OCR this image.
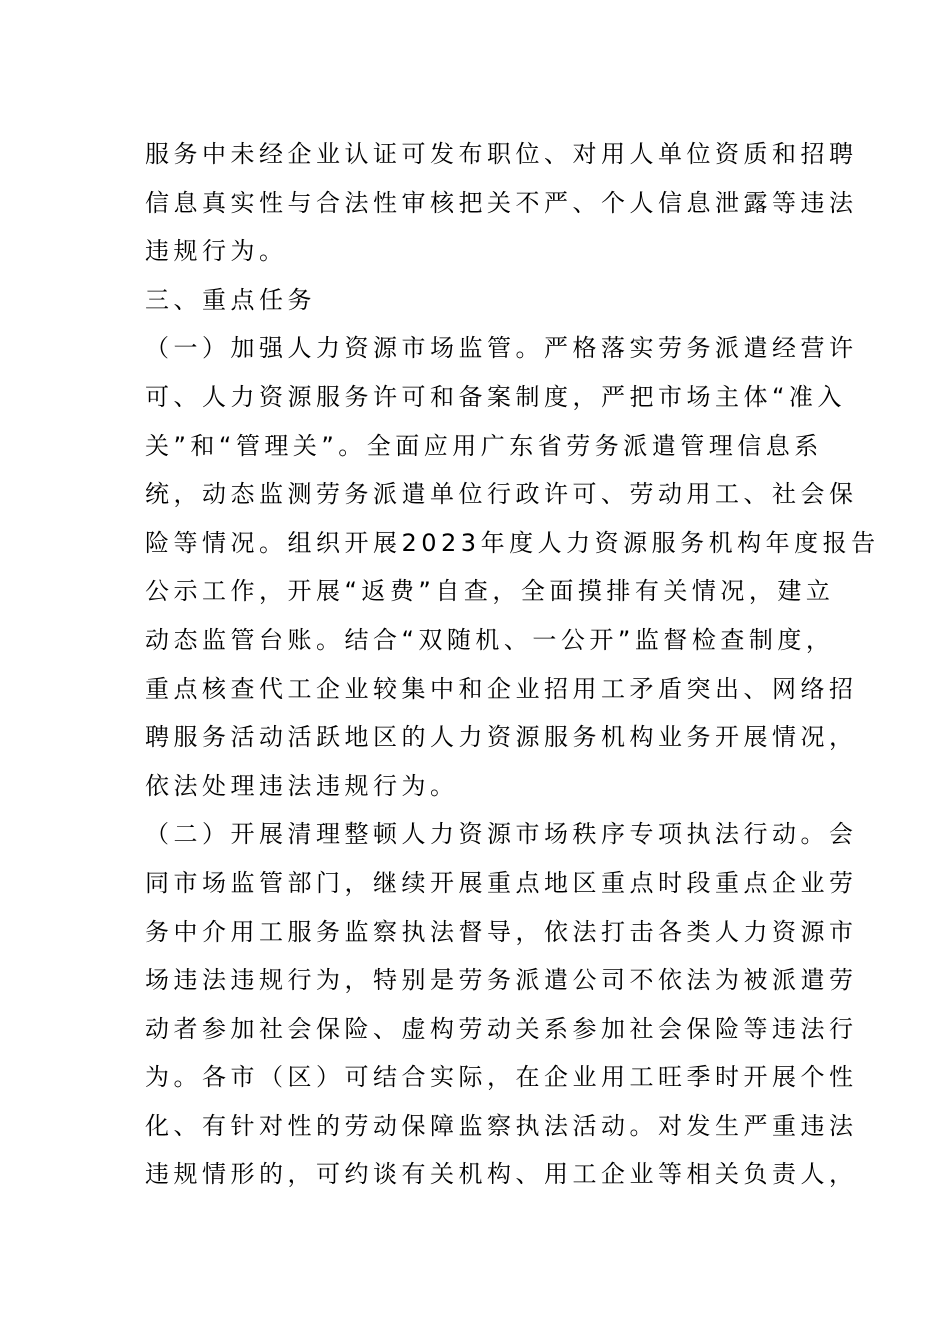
服务中未经企业认证可发布职位、对用人单位资质和招聘
信息真实性与合法性审核把关不严、个人信息泄露等违法
违规行为。
三、重点任务
（一）加强人力资源市场监管。严格落实劳务派遣经营许
可、人力资源服务许可和备案制度，严把市场主体“准入
关”和“管理关”。全面应用广东省劳务派遣管理信息系
统，动态监测劳务派遣单位行政许可、劳动用工、社会保
险等情况。组织开展2023年度人力资源服务机构年度报告
公示工作，开展“返费”自查，全面摸排有关情况，建立
动态监管台账。结合“双随机、一公开”监督检查制度，
重点核查代工企业较集中和企业招用工矛盾突出、网络招
聘服务活动活跃地区的人力资源服务机构业务开展情况，
依法处理违法违规行为。
（二）开展清理整顿人力资源市场秩序专项执法行动。会
同市场监管部门，继续开展重点地区重点时段重点企业劳
务中介用工服务监察执法督导，依法打击各类人力资源市
场违法违规行为，特别是劳务派遣公司不依法为被派遣劳
动者参加社会保险、虚构劳动关系参加社会保险等违法行
为。各市（区）可结合实际，在企业用工旺季时开展个性
化、有针对性的劳动保障监察执法活动。对发生严重违法
违规情形的，可约谈有关机构、用工企业等相关负责人，
